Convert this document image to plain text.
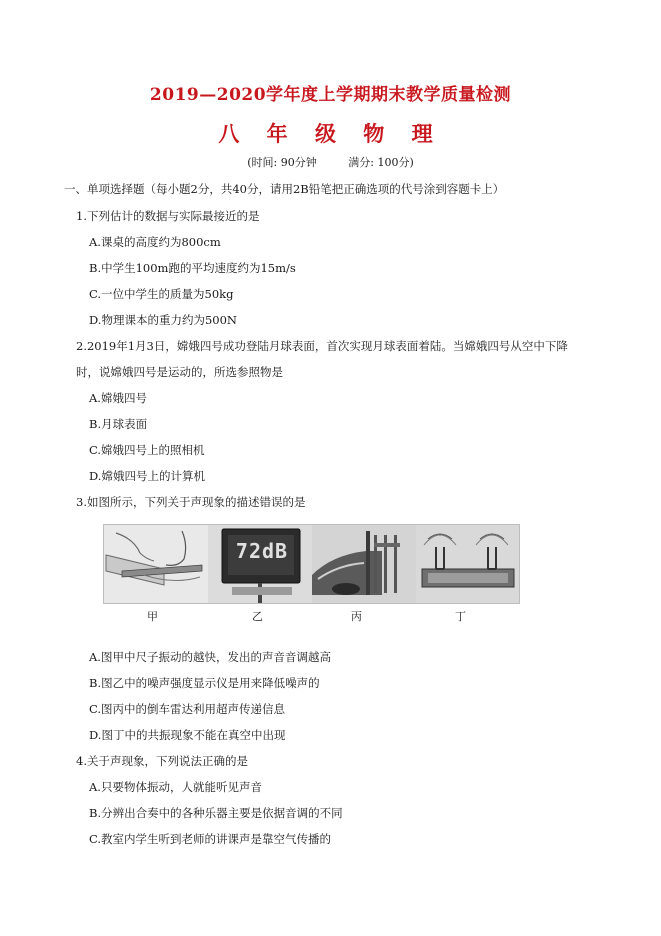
2019—2020学年度上学期期末教学质量检测
八 年 级 物 理
(时间: 90分钟	满分: 100分)
一、单项选择题（每小题2分，共40分，请用2B铅笔把正确选项的代号涂到容题卡上）
1.下列估计的数据与实际最接近的是
A.课桌的高度约为800cm
B.中学生100m跑的平均速度约为15m/s
C.一位中学生的质量为50kg
D.物理课本的重力约为500N
2.2019年1月3日，嫦娥四号成功登陆月球表面，首次实现月球表面着陆。当嫦娥四号从空中下降
时，说嫦娥四号是运动的，所选参照物是
A.嫦娥四号
B.月球表面
C.嫦娥四号上的照相机
D.嫦娥四号上的计算机
3.如图所示，下列关于声现象的描述错误的是
72dB
甲	乙	丙	丁
A.图甲中尺子振动的越快，发出的声音音调越高
B.图乙中的噪声强度显示仪是用来降低噪声的
C.图丙中的倒车雷达利用超声传递信息
D.图丁中的共振现象不能在真空中出现
4.关于声现象，下列说法正确的是
A.只要物体振动，人就能听见声音
B.分辨出合奏中的各种乐器主要是依据音调的不同
C.教室内学生听到老师的讲课声是靠空气传播的
